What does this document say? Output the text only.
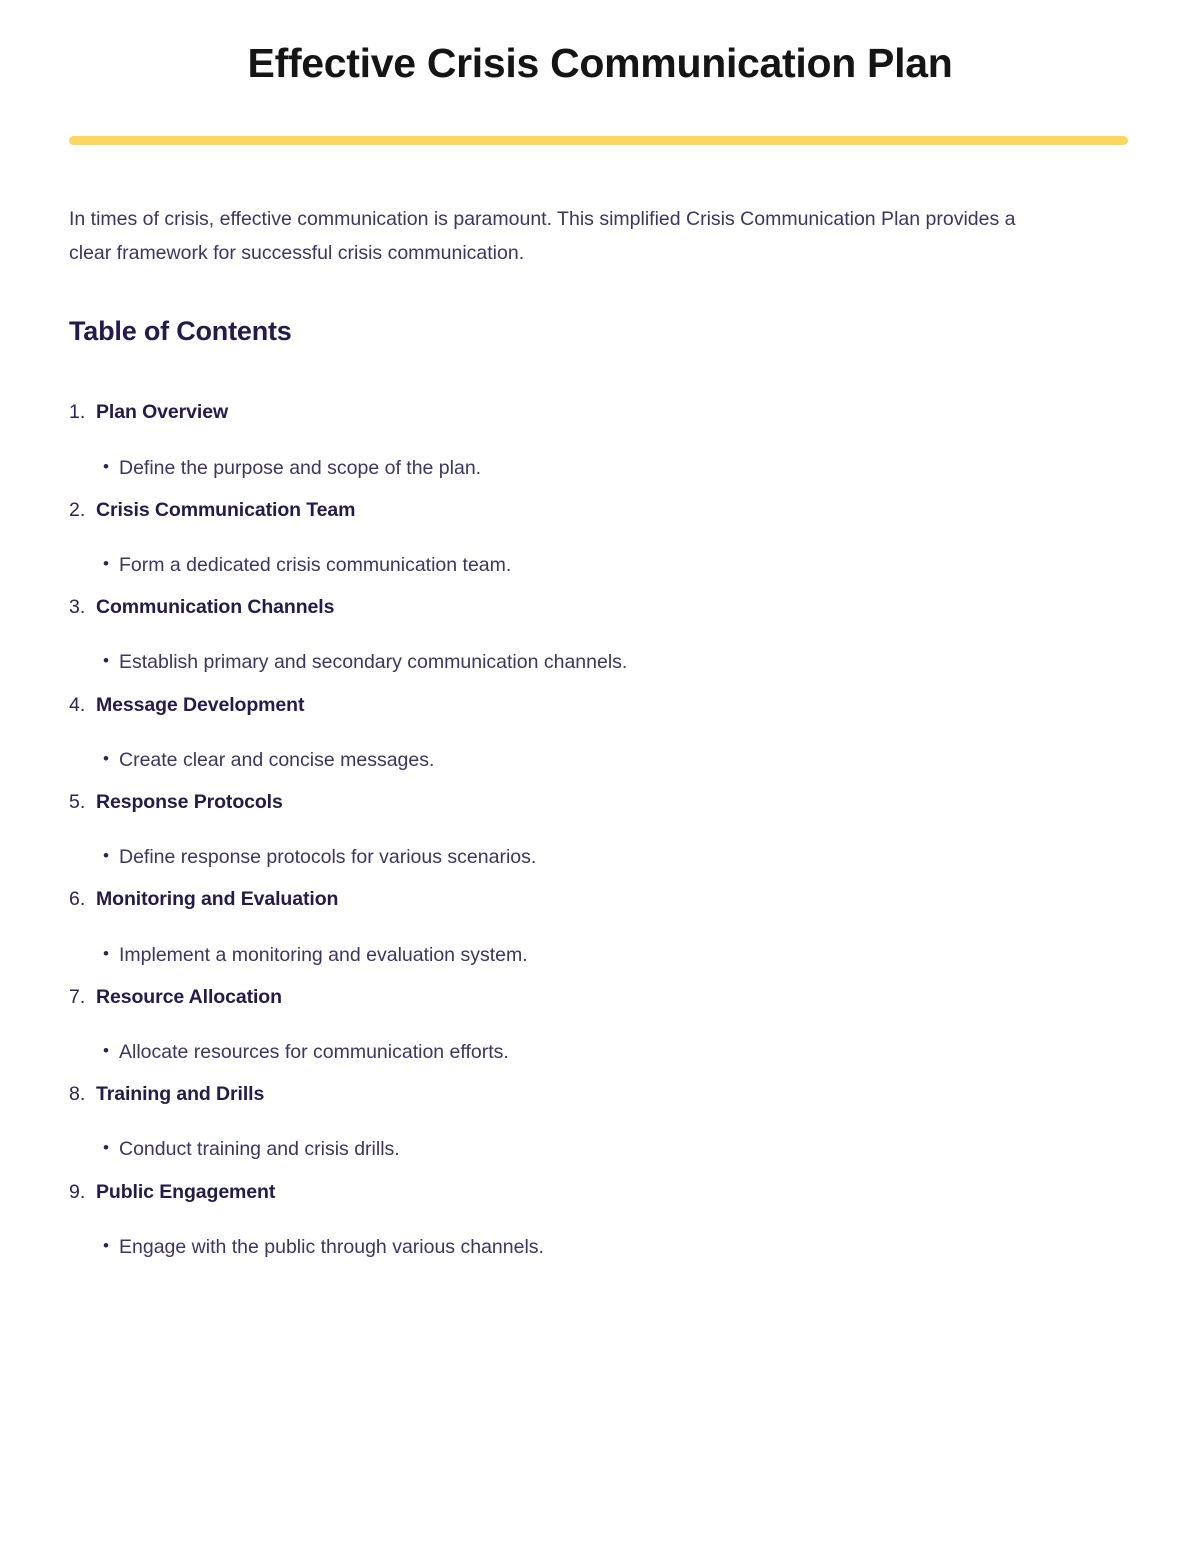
Effective Crisis Communication Plan

In times of crisis, effective communication is paramount. This simplified Crisis Communication Plan provides a clear framework for successful crisis communication.

Table of Contents
1. Plan Overview
• Define the purpose and scope of the plan.
2. Crisis Communication Team
• Form a dedicated crisis communication team.
3. Communication Channels
• Establish primary and secondary communication channels.
4. Message Development
• Create clear and concise messages.
5. Response Protocols
• Define response protocols for various scenarios.
6. Monitoring and Evaluation
• Implement a monitoring and evaluation system.
7. Resource Allocation
• Allocate resources for communication efforts.
8. Training and Drills
• Conduct training and crisis drills.
9. Public Engagement
• Engage with the public through various channels.
